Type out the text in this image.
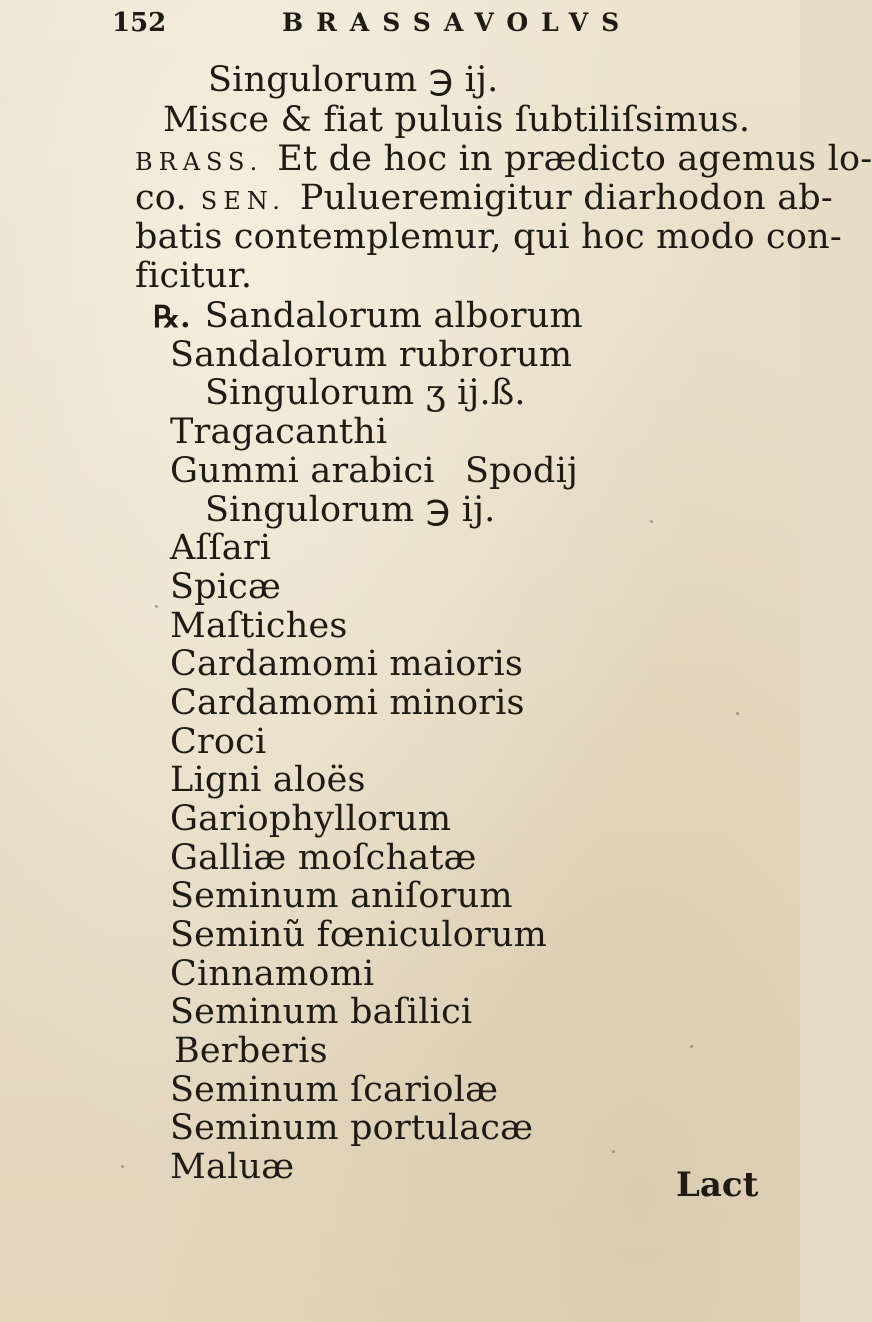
152	BRASSAVOLVS
Singulorum ℈ ij.
Misce & fiat puluis ſubtiliſsimus.
BRASS. Et de hoc in prædicto agemus lo-
co. SEN. Pulueremigitur diarhodon ab-
batis contemplemur, qui hoc modo con-
ficitur.
℞. Sandalorum alborum
Sandalorum rubrorum
Singulorum ʒ ij.ß.
Tragacanthi
Gummi arabici Spodij
Singulorum ℈ ij.
Aſſari
Spicæ
Maſtiches
Cardamomi maioris
Cardamomi minoris
Croci
Ligni aloës
Gariophyllorum
Galliæ moſchatæ
Seminum aniſorum
Seminũ fœniculorum
Cinnamomi
Seminum baſilici
Berberis
Seminum ſcariolæ
Seminum portulacæ
Maluæ	Lact
